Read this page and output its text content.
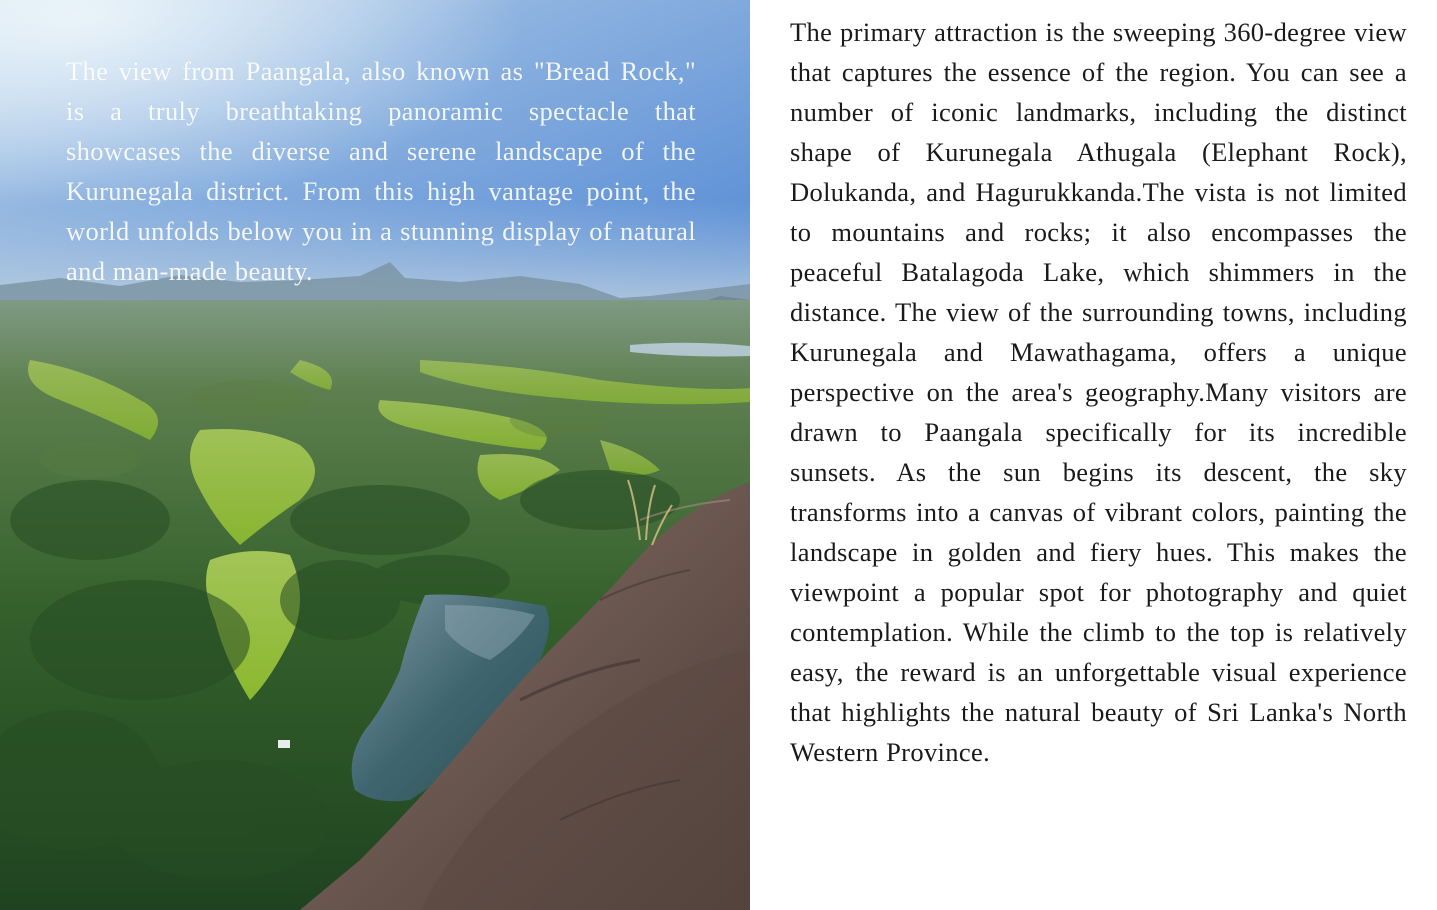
The view from Paangala, also known as "Bread Rock," is a truly breathtaking panoramic spectacle that showcases the diverse and serene landscape of the Kurunegala district. From this high vantage point, the world unfolds below you in a stunning display of natural and man-made beauty.

The primary attraction is the sweeping 360-degree view that captures the essence of the region. You can see a number of iconic landmarks, including the distinct shape of Kurunegala Athugala (Elephant Rock), Dolukanda, and Hagurukkanda.The vista is not limited to mountains and rocks; it also encompasses the peaceful Batalagoda Lake, which shimmers in the distance. The view of the surrounding towns, including Kurunegala and Mawathagama, offers a unique perspective on the area's geography.Many visitors are drawn to Paangala specifically for its incredible sunsets. As the sun begins its descent, the sky transforms into a canvas of vibrant colors, painting the landscape in golden and fiery hues. This makes the viewpoint a popular spot for photography and quiet contemplation. While the climb to the top is relatively easy, the reward is an unforgettable visual experience that highlights the natural beauty of Sri Lanka's North Western Province.
